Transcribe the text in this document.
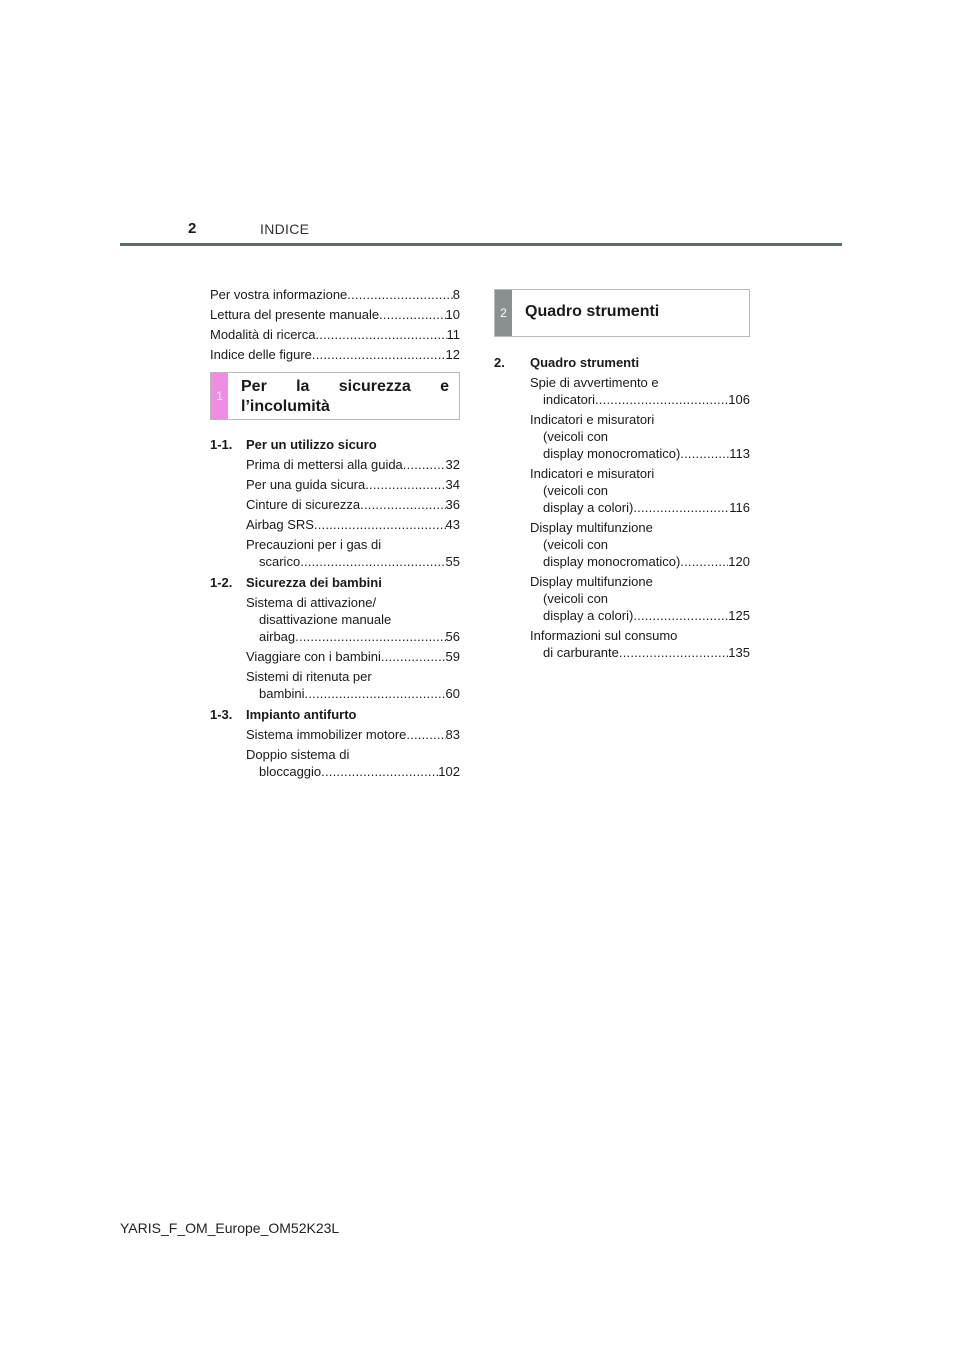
2	INDICE
Per vostra informazione .....	8
Lettura del presente manuale .....	10
Modalità di ricerca .....	11
Indice delle figure .....	12
1
Per la sicurezza e
l’incolumità
1-1.	Per un utilizzo sicuro
Prima di mettersi alla guida .....	32
Per una guida sicura .....	34
Cinture di sicurezza .....	36
Airbag SRS .....	43
Precauzioni per i gas di
scarico .....	55
1-2.	Sicurezza dei bambini
Sistema di attivazione/
disattivazione manuale
airbag .....	56
Viaggiare con i bambini .....	59
Sistemi di ritenuta per
bambini .....	60
1-3.	Impianto antifurto
Sistema immobilizer motore .....	83
Doppio sistema di
bloccaggio .....	102
2	Quadro strumenti
2.	Quadro strumenti
Spie di avvertimento e
indicatori .....	106
Indicatori e misuratori
(veicoli con
display monocromatico) .....	113
Indicatori e misuratori
(veicoli con
display a colori) .....	116
Display multifunzione
(veicoli con
display monocromatico) .....	120
Display multifunzione
(veicoli con
display a colori) .....	125
Informazioni sul consumo
di carburante .....	135
YARIS_F_OM_Europe_OM52K23L
